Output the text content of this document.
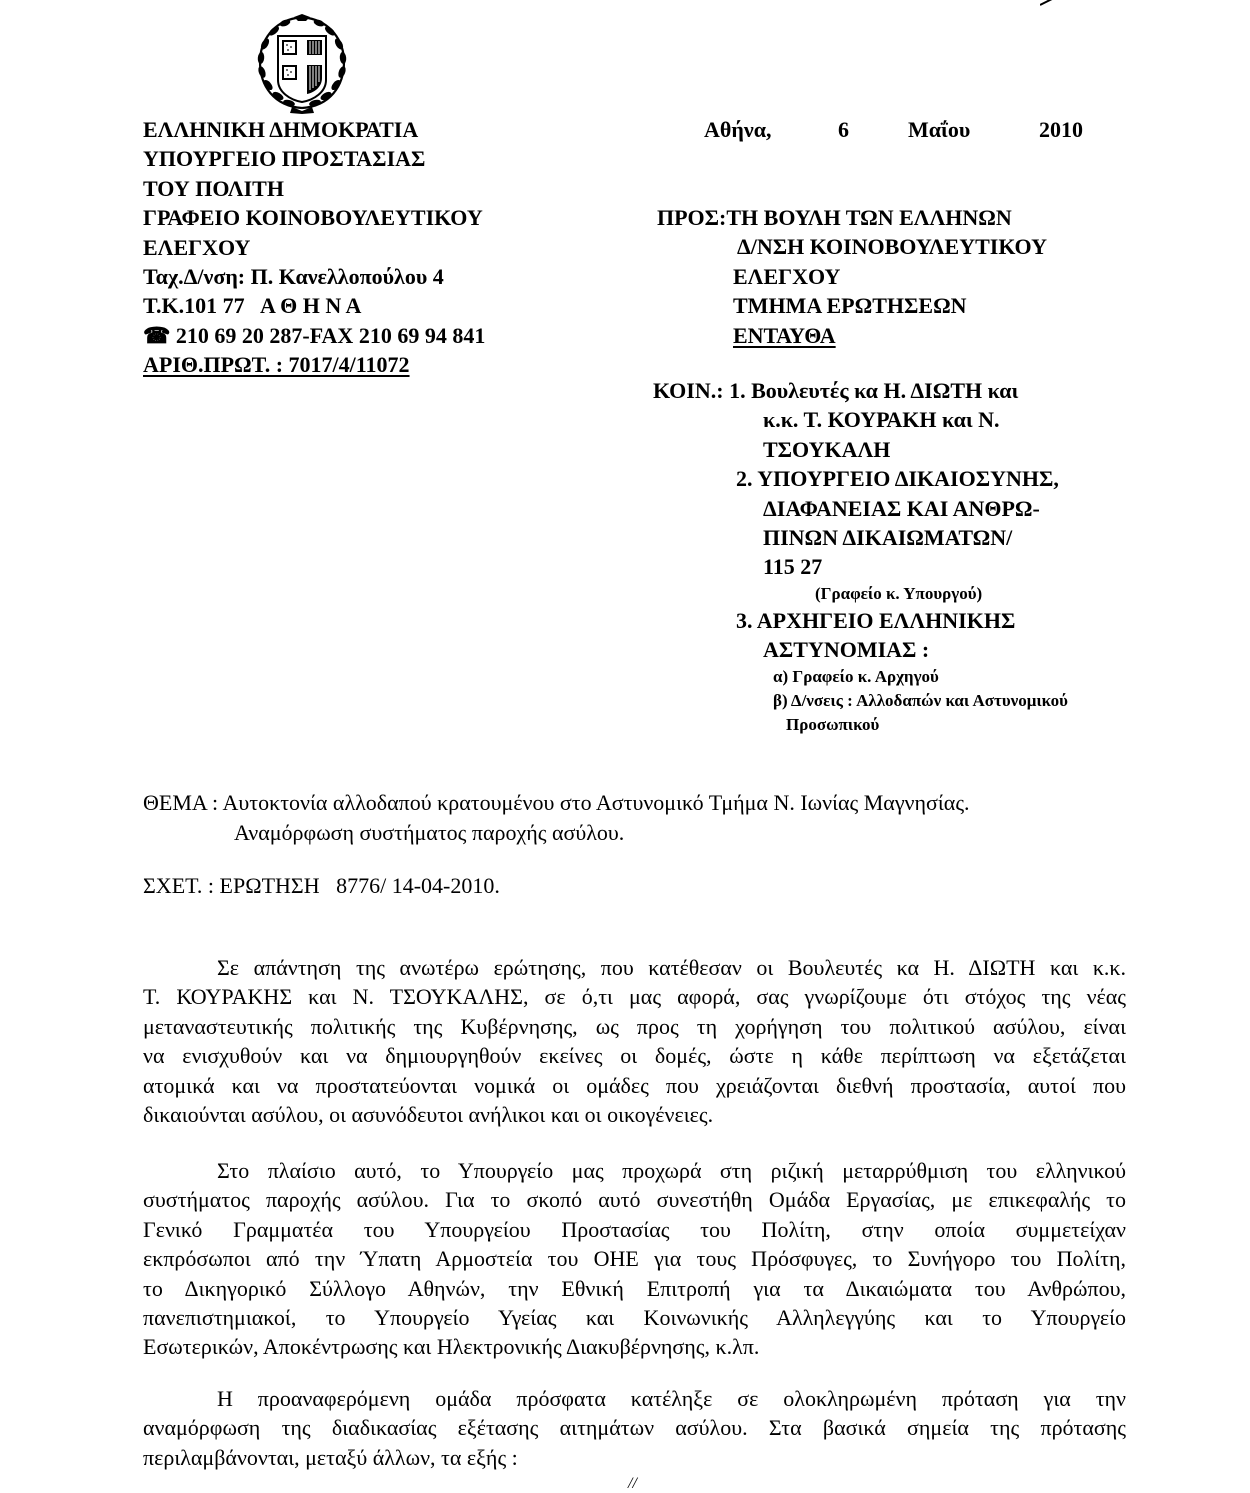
ΕΛΛΗΝΙΚΗ ΔΗΜΟΚΡΑΤΙΑ
ΥΠΟΥΡΓΕΙΟ ΠΡΟΣΤΑΣΙΑΣ
ΤΟΥ ΠΟΛΙΤΗ
ΓΡΑΦΕΙΟ ΚΟΙΝΟΒΟΥΛΕΥΤΙΚΟΥ
ΕΛΕΓΧΟΥ
Ταχ.Δ/νση: Π. Κανελλοπούλου 4
Τ.Κ.101 77   Α Θ Η Ν Α
☎ 210 69 20 287-FAX 210 69 94 841
ΑΡΙΘ.ΠΡΩΤ. : 7017/4/11072
Αθήνα,	6	Μαΐου	2010
ΠΡΟΣ:ΤΗ ΒΟΥΛΗ ΤΩΝ ΕΛΛΗΝΩΝ
Δ/ΝΣΗ ΚΟΙΝΟΒΟΥΛΕΥΤΙΚΟΥ
ΕΛΕΓΧΟΥ
ΤΜΗΜΑ ΕΡΩΤΗΣΕΩΝ
ΕΝΤΑΥΘΑ
ΚΟΙΝ.: 1. Βουλευτές κα Η. ΔΙΩΤΗ και
κ.κ. Τ. ΚΟΥΡΑΚΗ και Ν.
ΤΣΟΥΚΑΛΗ
2. ΥΠΟΥΡΓΕΙΟ ΔΙΚΑΙΟΣΥΝΗΣ,
ΔΙΑΦΑΝΕΙΑΣ ΚΑΙ ΑΝΘΡΩ-
ΠΙΝΩΝ ΔΙΚΑΙΩΜΑΤΩΝ/
115 27
(Γραφείο κ. Υπουργού)
3. ΑΡΧΗΓΕΙΟ ΕΛΛΗΝΙΚΗΣ
ΑΣΤΥΝΟΜΙΑΣ :
α) Γραφείο κ. Αρχηγού
β) Δ/νσεις : Αλλοδαπών και Αστυνομικού
Προσωπικού
ΘΕΜΑ : Αυτοκτονία αλλοδαπού κρατουμένου στο Αστυνομικό Τμήμα Ν. Ιωνίας Μαγνησίας.
Αναμόρφωση συστήματος παροχής ασύλου.
ΣΧΕΤ. : ΕΡΩΤΗΣΗ   8776/ 14-04-2010.
Σε απάντηση της ανωτέρω ερώτησης, που κατέθεσαν οι Βουλευτές κα Η. ΔΙΩΤΗ και κ.κ.
Τ. ΚΟΥΡΑΚΗΣ και Ν. ΤΣΟΥΚΑΛΗΣ, σε ό,τι μας αφορά, σας γνωρίζουμε ότι στόχος της νέας
μεταναστευτικής πολιτικής της Κυβέρνησης, ως προς τη χορήγηση του πολιτικού ασύλου, είναι
να ενισχυθούν και να δημιουργηθούν εκείνες οι δομές, ώστε η κάθε περίπτωση να εξετάζεται
ατομικά και να προστατεύονται νομικά οι ομάδες που χρειάζονται διεθνή προστασία, αυτοί που
δικαιούνται ασύλου, οι ασυνόδευτοι ανήλικοι και οι οικογένειες.
Στο πλαίσιο αυτό, το Υπουργείο μας προχωρά στη ριζική μεταρρύθμιση του ελληνικού
συστήματος παροχής ασύλου. Για το σκοπό αυτό συνεστήθη Ομάδα Εργασίας, με επικεφαλής το
Γενικό Γραμματέα του Υπουργείου Προστασίας του Πολίτη, στην οποία συμμετείχαν
εκπρόσωποι από την Ύπατη Αρμοστεία του ΟΗΕ για τους Πρόσφυγες, το Συνήγορο του Πολίτη,
το Δικηγορικό Σύλλογο Αθηνών, την Εθνική Επιτροπή για τα Δικαιώματα του Ανθρώπου,
πανεπιστημιακοί, το Υπουργείο Υγείας και Κοινωνικής Αλληλεγγύης και το Υπουργείο
Εσωτερικών, Αποκέντρωσης και Ηλεκτρονικής Διακυβέρνησης, κ.λπ.
Η προαναφερόμενη ομάδα πρόσφατα κατέληξε σε ολοκληρωμένη πρόταση για την
αναμόρφωση της διαδικασίας εξέτασης αιτημάτων ασύλου. Στα βασικά σημεία της πρότασης
περιλαμβάνονται, μεταξύ άλλων, τα εξής :
//
